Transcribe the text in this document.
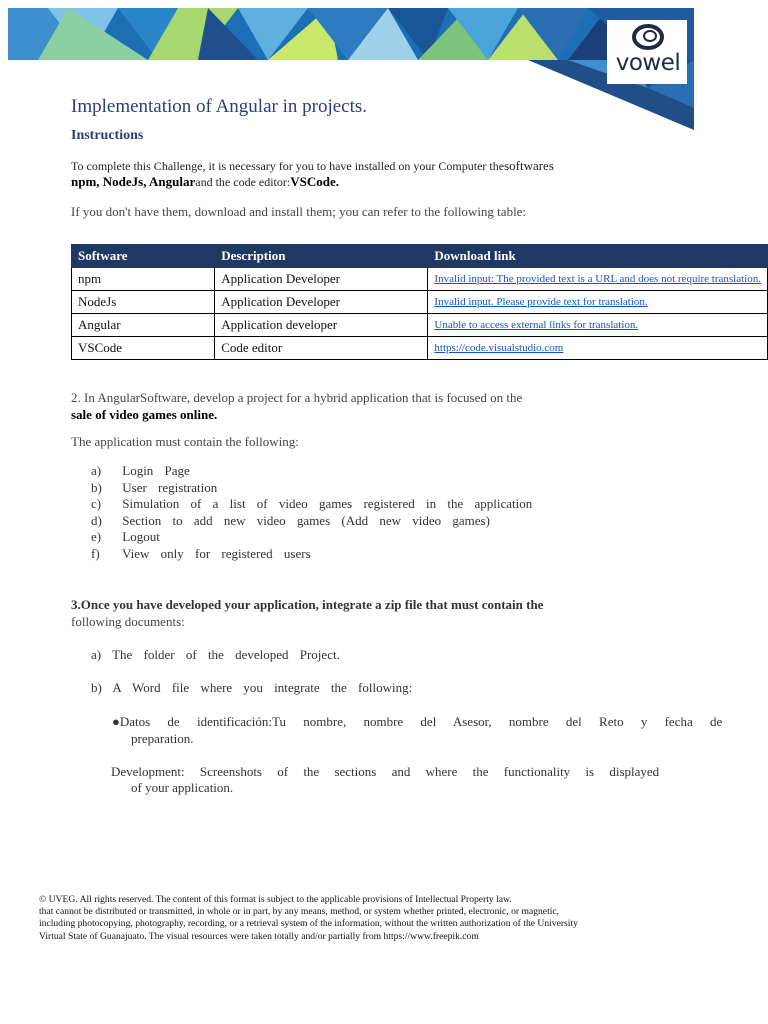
vowel
Implementation of Angular in projects.
Instructions
To complete this Challenge, it is necessary for you to have installed on your Computer thesoftwares
npm, NodeJs, Angularand the code editor:VSCode.
If you don't have them, download and install them; you can refer to the following table:
Software	Description	Download link
npm	Application Developer	Invalid input: The provided text is a URL and does not require translation.
NodeJs	Application Developer	Invalid input. Please provide text for translation.
Angular	Application developer	Unable to access external links for translation.
VSCode	Code editor	https://code.visualstudio.com
2. In AngularSoftware, develop a project for a hybrid application that is focused on the
sale of video games online.
The application must contain the following:
a) Login Page
b) User registration
c) Simulation of a list of video games registered in the application
d) Section to add new video games (Add new video games)
e) Logout
f) View only for registered users
3.Once you have developed your application, integrate a zip file that must contain the
following documents:
a) The folder of the developed Project.
b) A Word file where you integrate the following:
●Datos de identificación:Tu nombre, nombre del Asesor, nombre del Reto y fecha de
preparation.
Development: Screenshots of the sections and where the functionality is displayed
of your application.
© UVEG. All rights reserved. The content of this format is subject to the applicable provisions of Intellectual Property law.
that cannot be distributed or transmitted, in whole or in part, by any means, method, or system whether printed, electronic, or magnetic,
including photocopying, photography, recording, or a retrieval system of the information, without the written authorization of the University
Virtual State of Guanajuato. The visual resources were taken totally and/or partially from https://www.freepik.com
